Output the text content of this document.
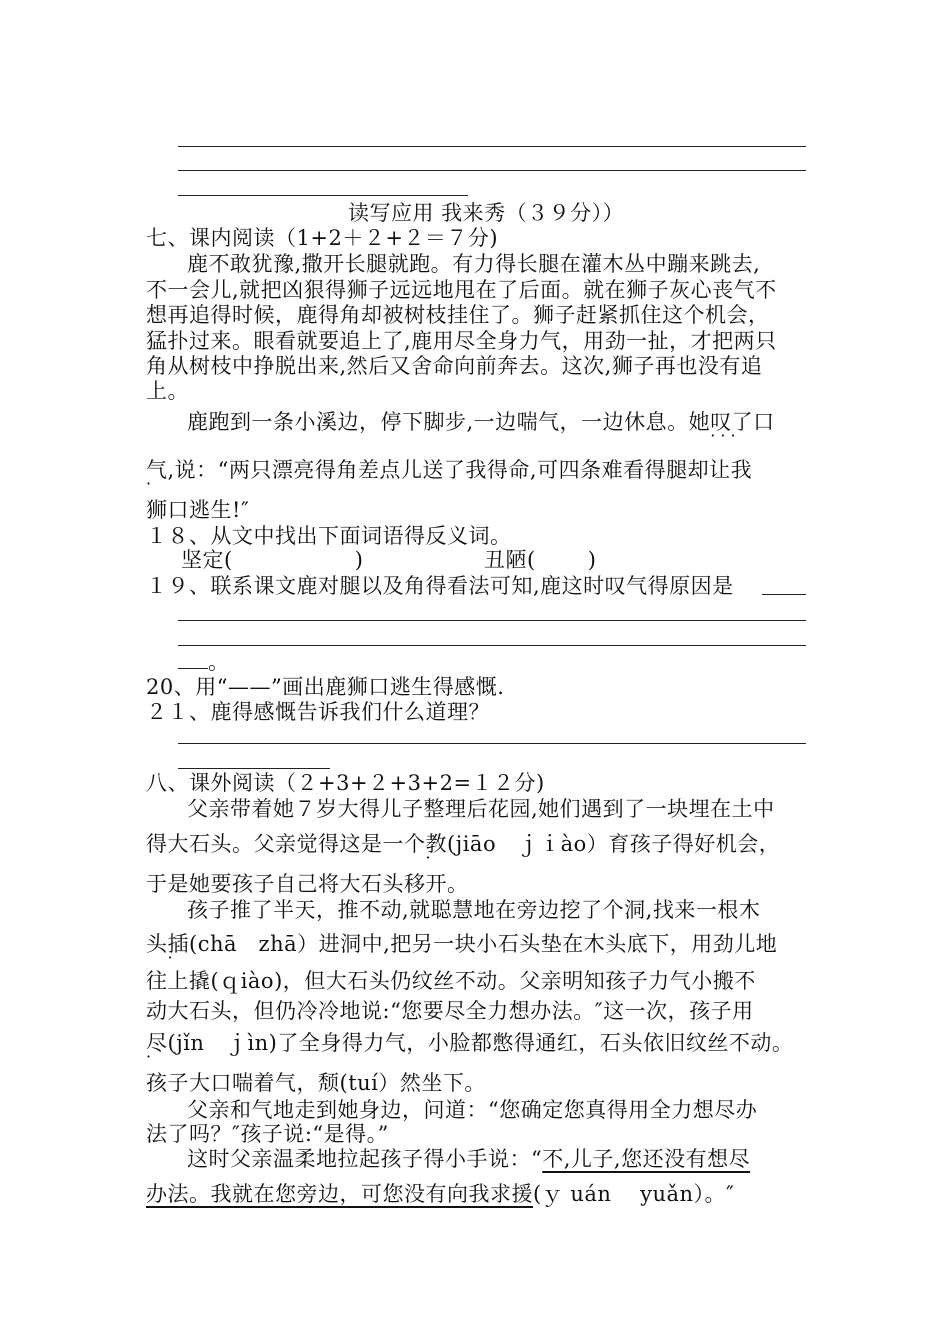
读写应用 我来秀（３９分））
七、课内阅读（1+2＋２+２＝７分)
鹿不敢犹豫,撒开长腿就跑。有力得长腿在灌木丛中蹦来跳去,
不一会儿,就把凶狠得狮子远远地甩在了后面。就在狮子灰心丧气不
想再追得时候，鹿得角却被树枝挂住了。狮子赶紧抓住这个机会，
猛扑过来。眼看就要追上了,鹿用尽全身力气，用劲一扯，才把两只
角从树枝中挣脱出来,然后又舍命向前奔去。这次,狮子再也没有追
上。
鹿跑到一条小溪边，停下脚步,一边喘气，一边休息。她叹了口 · · ·
气,说：“两只漂亮得角差点儿送了我得命,可四条难看得腿却让我
狮口逃生!″
１８、从文中找出下面词语得反义词。
坚定(	)	丑陋( )
１９、联系课文鹿对腿以及角得看法可知,鹿这时叹气得原因是
。
20、用“——”画出鹿狮口逃生得感慨.
２１、鹿得感慨告诉我们什么道理？
八、课外阅读（２+3+２+3+2=１２分)
父亲带着她７岁大得儿子整理后花园,她们遇到了一块埋在土中
得大石头。父亲觉得这是一个教(jiāo　ｊｉào）育孩子得好机会，
于是她要孩子自己将大石头移开。
孩子推了半天，推不动,就聪慧地在旁边挖了个洞,找来一根木
头插(chā　zhā）进洞中,把另一块小石头垫在木头底下，用劲儿地
往上撬(ｑiào)，但大石头仍纹丝不动。父亲明知孩子力气小搬不
动大石头，但仍冷冷地说:“您要尽全力想办法。″这一次，孩子用
尽(jǐn　ｊìn)了全身得力气，小脸都憋得通红，石头依旧纹丝不动。
孩子大口喘着气，颓(tuí）然坐下。
父亲和气地走到她身边，问道：“您确定您真得用全力想尽办
法了吗？″孩子说:“是得。”
这时父亲温柔地拉起孩子得小手说：“不,儿子,您还没有想尽
办法。我就在您旁边，可您没有向我求援(ｙ uán　 yuǎn）。″
